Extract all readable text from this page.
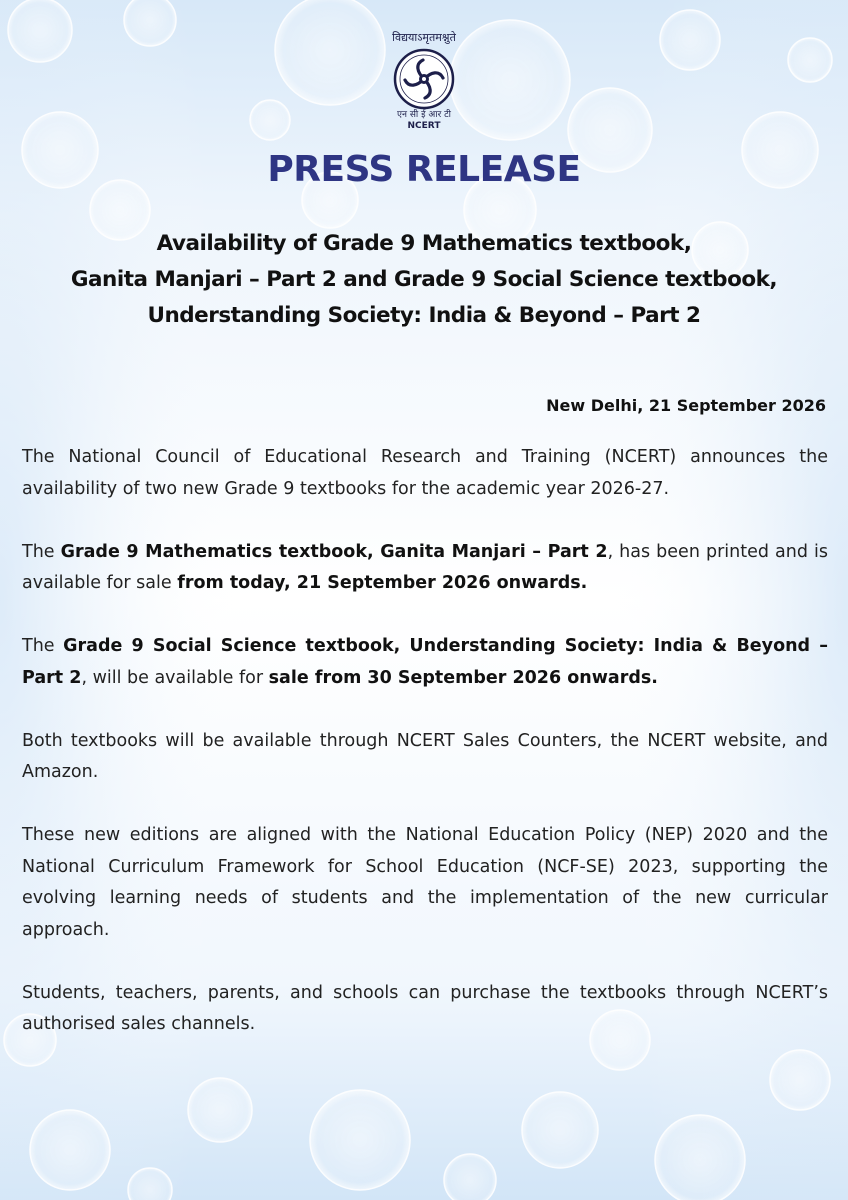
विद्ययाऽमृतमश्नुते
एन सी ई आर टी
NCERT
PRESS RELEASE
Availability of Grade 9 Mathematics textbook,
Ganita Manjari – Part 2 and Grade 9 Social Science textbook,
Understanding Society: India & Beyond – Part 2
New Delhi, 21 September 2026

The National Council of Educational Research and Training (NCERT) announces the availability of two new Grade 9 textbooks for the academic year 2026-27.

The Grade 9 Mathematics textbook, Ganita Manjari – Part 2, has been printed and is available for sale from today, 21 September 2026 onwards.

The Grade 9 Social Science textbook, Understanding Society: India & Beyond – Part 2, will be available for sale from 30 September 2026 onwards.

Both textbooks will be available through NCERT Sales Counters, the NCERT website, and Amazon.

These new editions are aligned with the National Education Policy (NEP) 2020 and the National Curriculum Framework for School Education (NCF-SE) 2023, supporting the evolving learning needs of students and the implementation of the new curricular approach.

Students, teachers, parents, and schools can purchase the textbooks through NCERT’s authorised sales channels.
